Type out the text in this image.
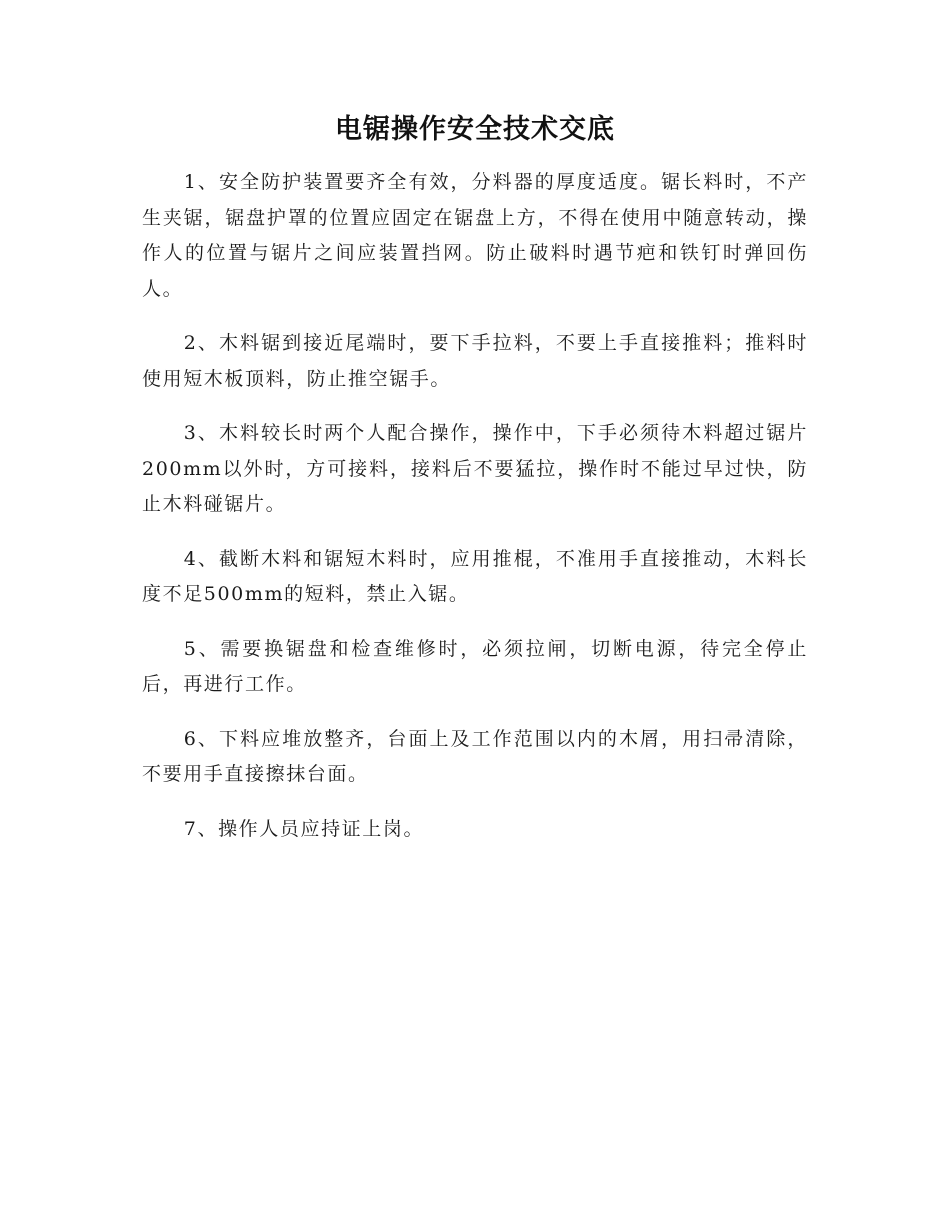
电锯操作安全技术交底

1、安全防护装置要齐全有效，分料器的厚度适度。锯长料时，不产生夹锯，锯盘护罩的位置应固定在锯盘上方，不得在使用中随意转动，操作人的位置与锯片之间应装置挡网。防止破料时遇节疤和铁钉时弹回伤人。

2、木料锯到接近尾端时，要下手拉料，不要上手直接推料；推料时使用短木板顶料，防止推空锯手。

3、木料较长时两个人配合操作，操作中，下手必须待木料超过锯片200mm以外时，方可接料，接料后不要猛拉，操作时不能过早过快，防止木料碰锯片。

4、截断木料和锯短木料时，应用推棍，不准用手直接推动，木料长度不足500mm的短料，禁止入锯。

5、需要换锯盘和检查维修时，必须拉闸，切断电源，待完全停止后，再进行工作。

6、下料应堆放整齐，台面上及工作范围以内的木屑，用扫帚清除，不要用手直接擦抹台面。

7、操作人员应持证上岗。
